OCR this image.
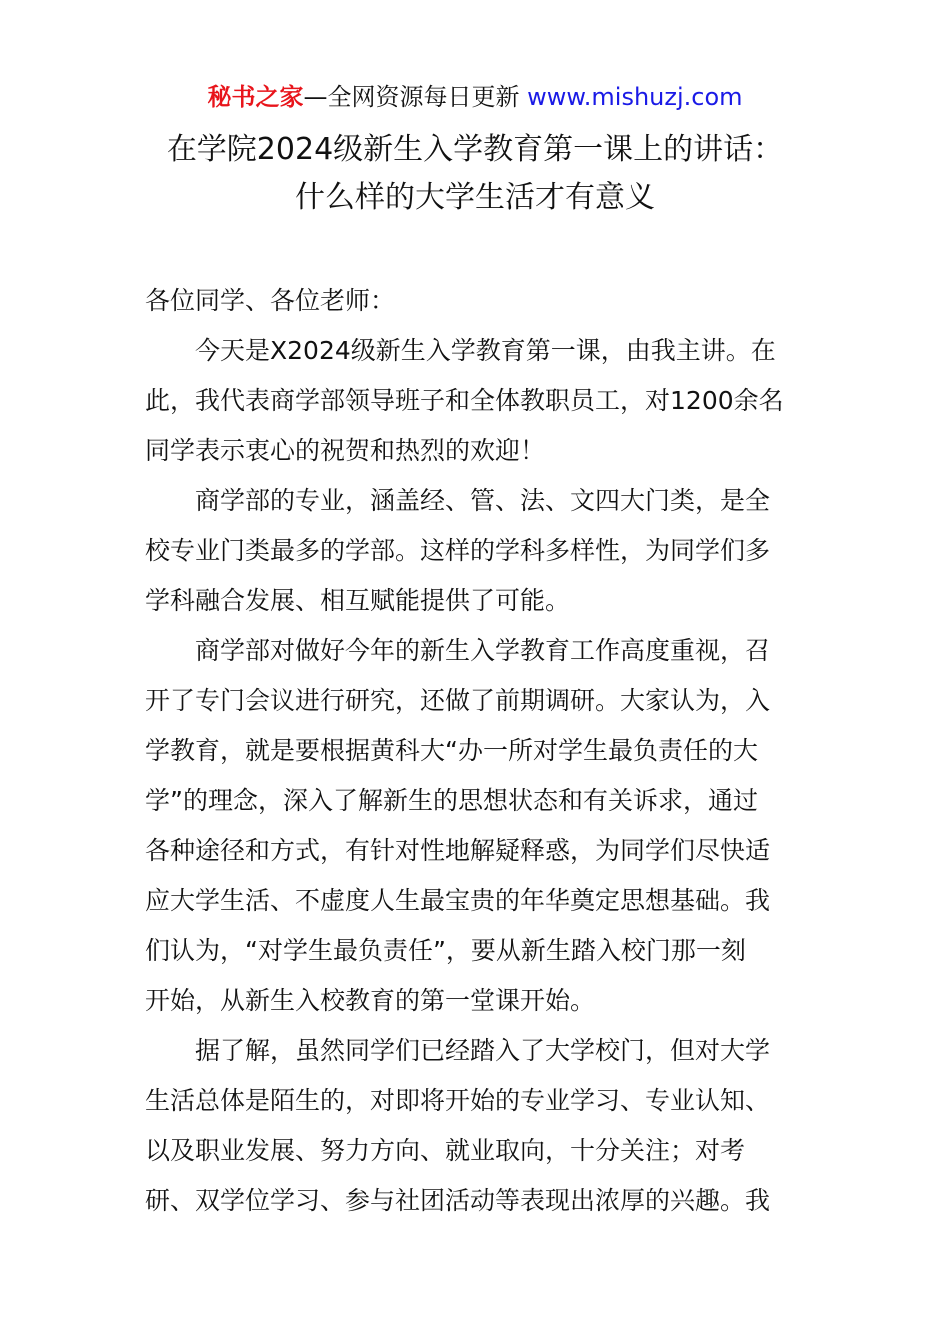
秘书之家—全网资源每日更新 www.mishuzj.com
在学院2024级新生入学教育第一课上的讲话：
什么样的大学生活才有意义
各位同学、各位老师：
今天是X2024级新生入学教育第一课，由我主讲。在
此，我代表商学部领导班子和全体教职员工，对1200余名
同学表示衷心的祝贺和热烈的欢迎！
商学部的专业，涵盖经、管、法、文四大门类，是全
校专业门类最多的学部。这样的学科多样性，为同学们多
学科融合发展、相互赋能提供了可能。
商学部对做好今年的新生入学教育工作高度重视，召
开了专门会议进行研究，还做了前期调研。大家认为，入
学教育，就是要根据黄科大“办一所对学生最负责任的大
学”的理念，深入了解新生的思想状态和有关诉求，通过
各种途径和方式，有针对性地解疑释惑，为同学们尽快适
应大学生活、不虚度人生最宝贵的年华奠定思想基础。我
们认为，“对学生最负责任”，要从新生踏入校门那一刻
开始，从新生入校教育的第一堂课开始。
据了解，虽然同学们已经踏入了大学校门，但对大学
生活总体是陌生的，对即将开始的专业学习、专业认知、
以及职业发展、努力方向、就业取向，十分关注；对考
研、双学位学习、参与社团活动等表现出浓厚的兴趣。我
